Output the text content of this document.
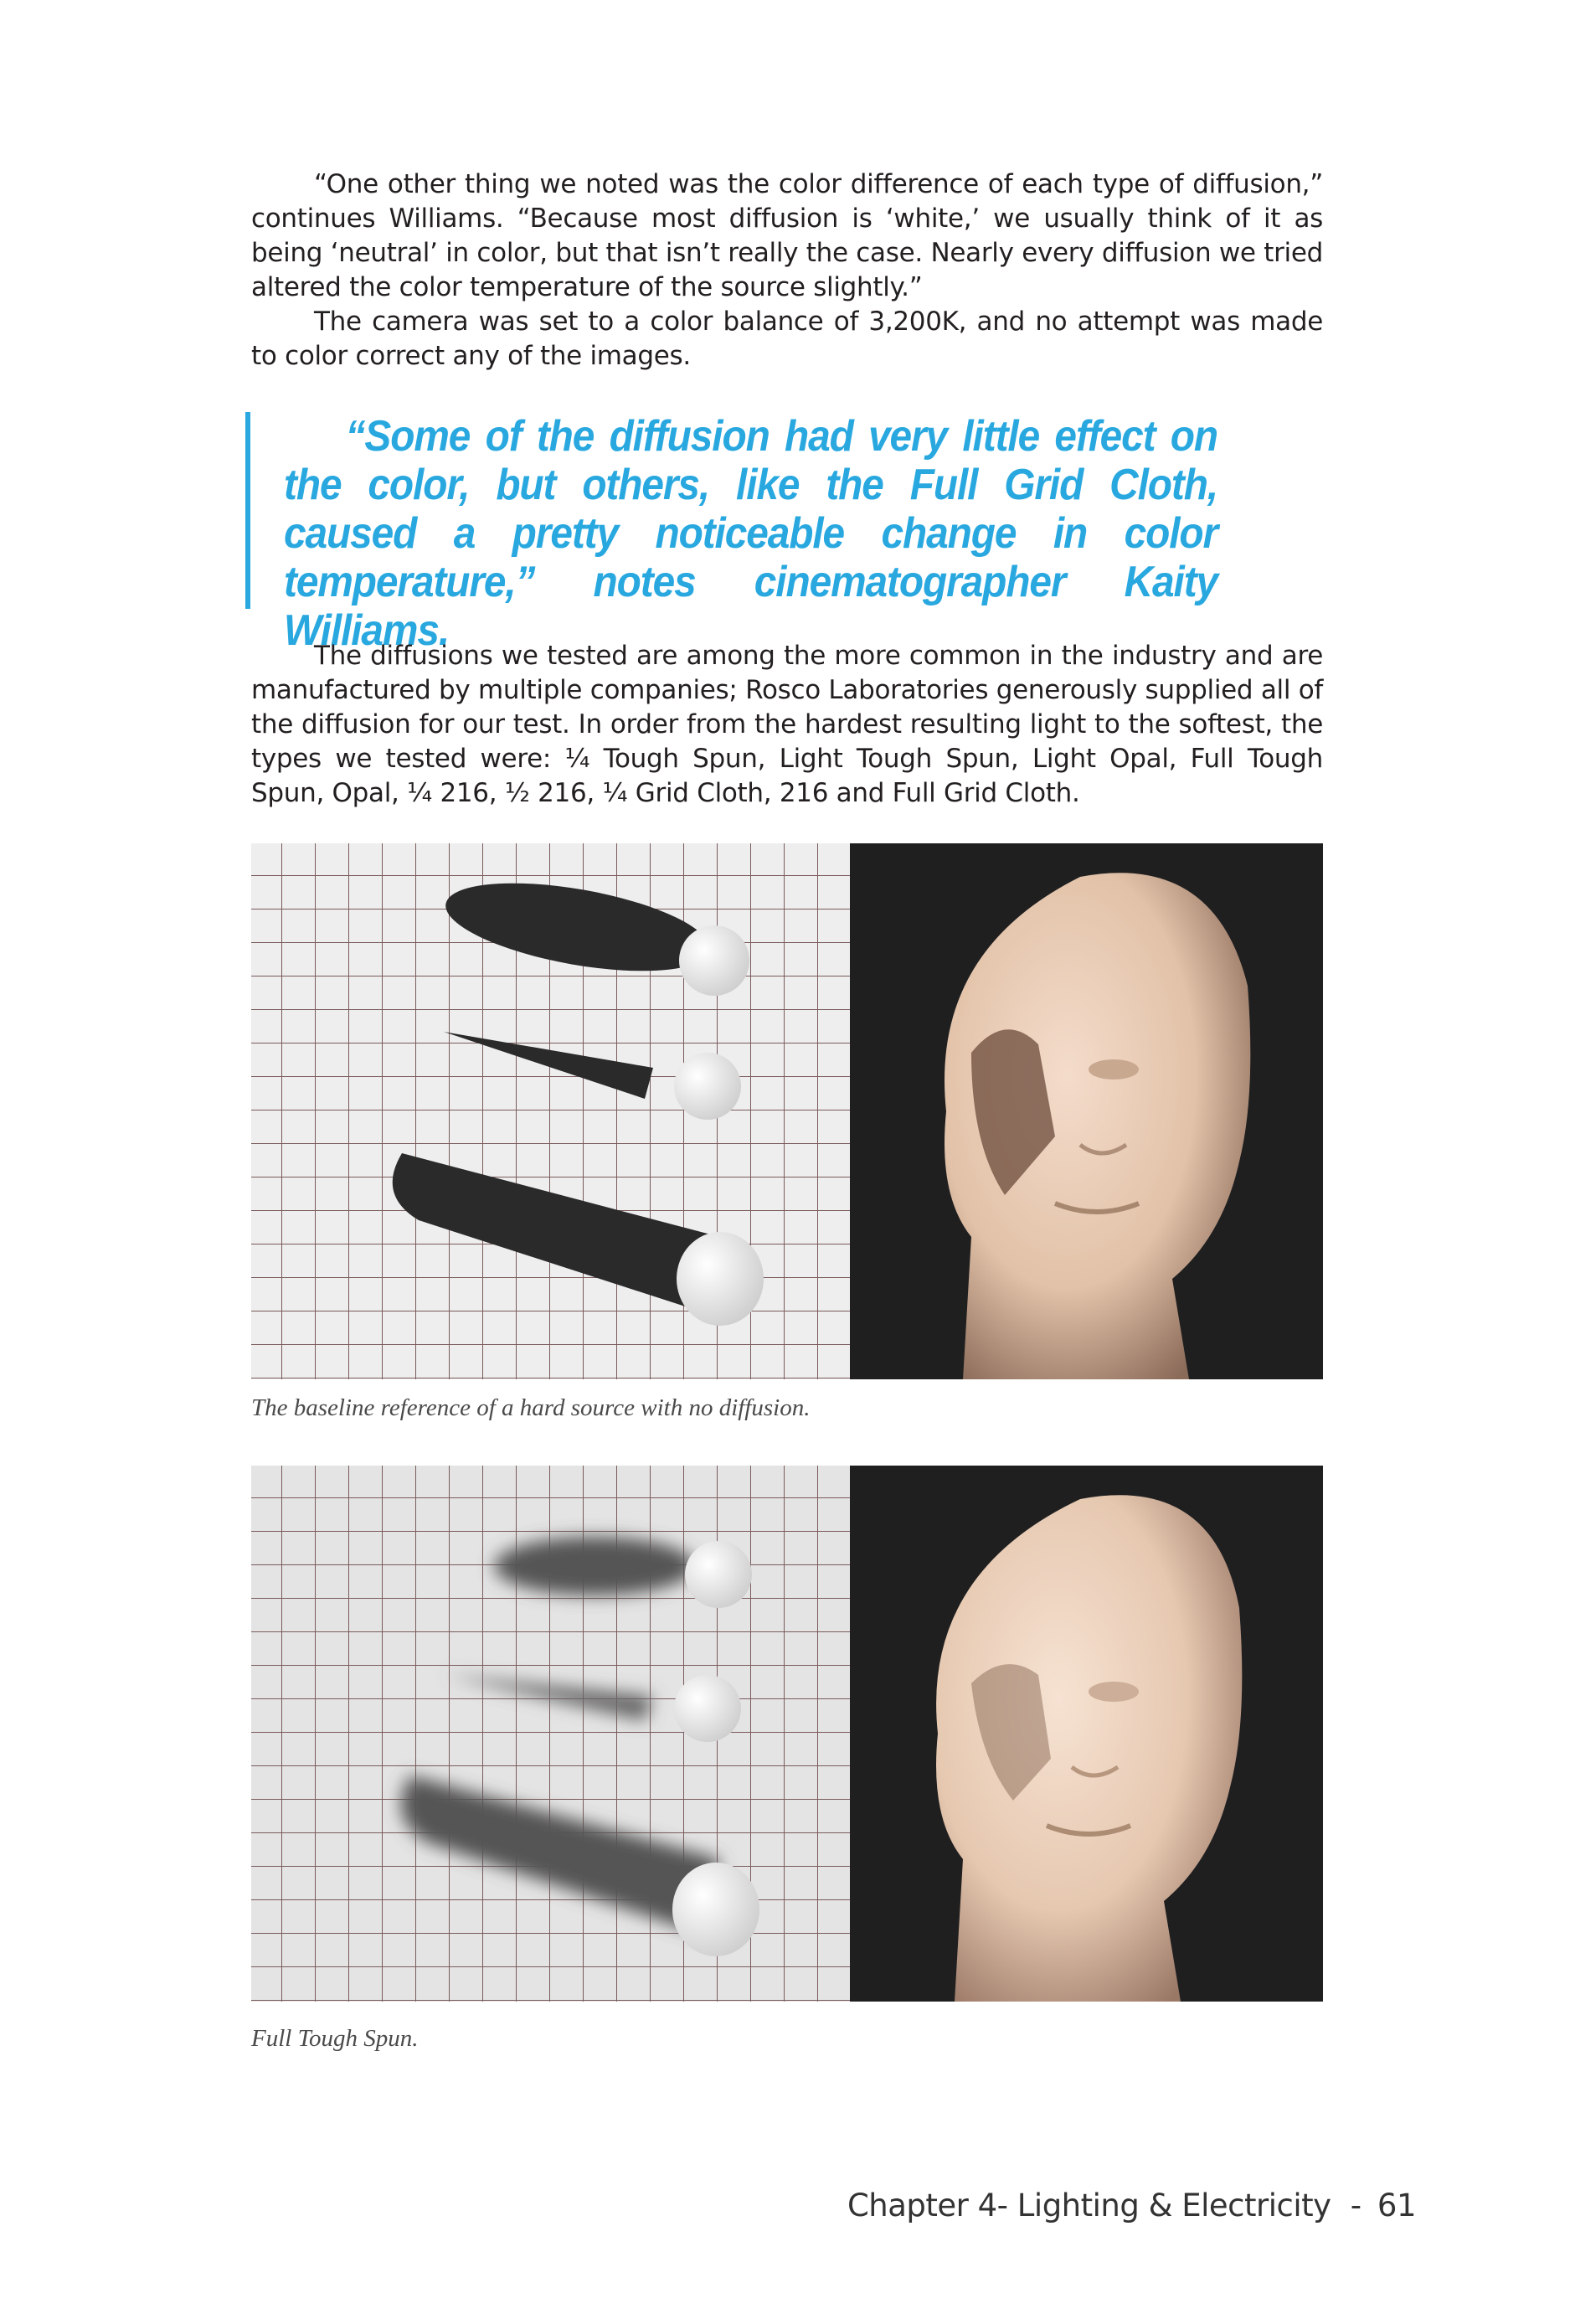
“One other thing we noted was the color difference of each type of diffusion,” continues Williams. “Because most diffusion is ‘white,’ we usually think of it as being ‘neutral’ in color, but that isn’t really the case. Nearly every diffusion we tried altered the color temperature of the source slightly.”

The camera was set to a color balance of 3,200K, and no attempt was made to color correct any of the images.

“Some of the diffusion had very little effect on the color, but others, like the Full Grid Cloth, caused a pretty noticeable change in color temperature,” notes cinematographer Kaity Williams.

The diffusions we tested are among the more common in the industry and are manufactured by multiple companies; Rosco Laboratories generously supplied all of the diffusion for our test. In order from the hardest resulting light to the softest, the types we tested were: ¼ Tough Spun, Light Tough Spun, Light Opal, Full Tough Spun, Opal, ¼ 216, ½ 216, ¼ Grid Cloth, 216 and Full Grid Cloth.

The baseline reference of a hard source with no diffusion.
Full Tough Spun.
Chapter 4- Lighting & Electricity - 61
